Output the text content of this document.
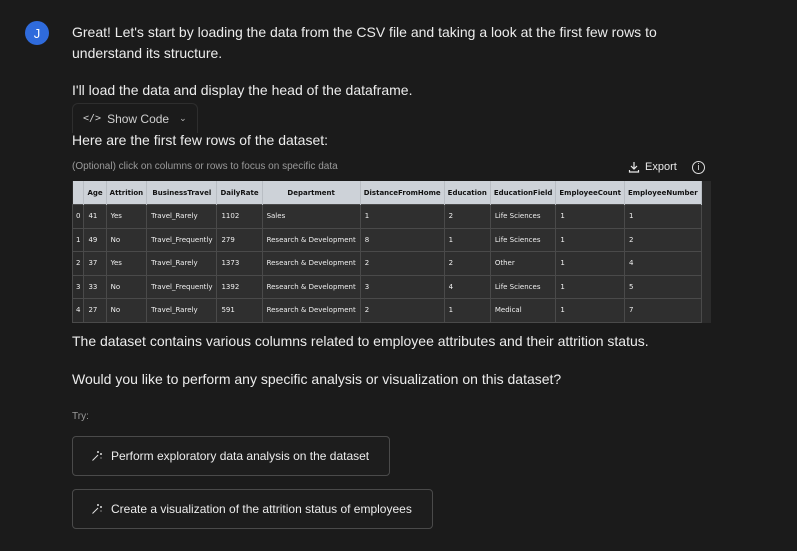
J	Great! Let's start by loading the data from the CSV file and taking a look at the first few rows to understand its structure.

I'll load the data and display the head of the dataframe.

</> Show Code ⌄

Here are the first few rows of the dataset:

(Optional) click on columns or rows to focus on specific data	Export	i
	Age	Attrition	BusinessTravel	DailyRate	Department	DistanceFromHome	Education	EducationField	EmployeeCount	EmployeeNumber
0	41	Yes	Travel_Rarely	1102	Sales	1	2	Life Sciences	1	1
1	49	No	Travel_Frequently	279	Research & Development	8	1	Life Sciences	1	2
2	37	Yes	Travel_Rarely	1373	Research & Development	2	2	Other	1	4
3	33	No	Travel_Frequently	1392	Research & Development	3	4	Life Sciences	1	5
4	27	No	Travel_Rarely	591	Research & Development	2	1	Medical	1	7

The dataset contains various columns related to employee attributes and their attrition status.

Would you like to perform any specific analysis or visualization on this dataset?

Try:
Perform exploratory data analysis on the dataset
Create a visualization of the attrition status of employees
